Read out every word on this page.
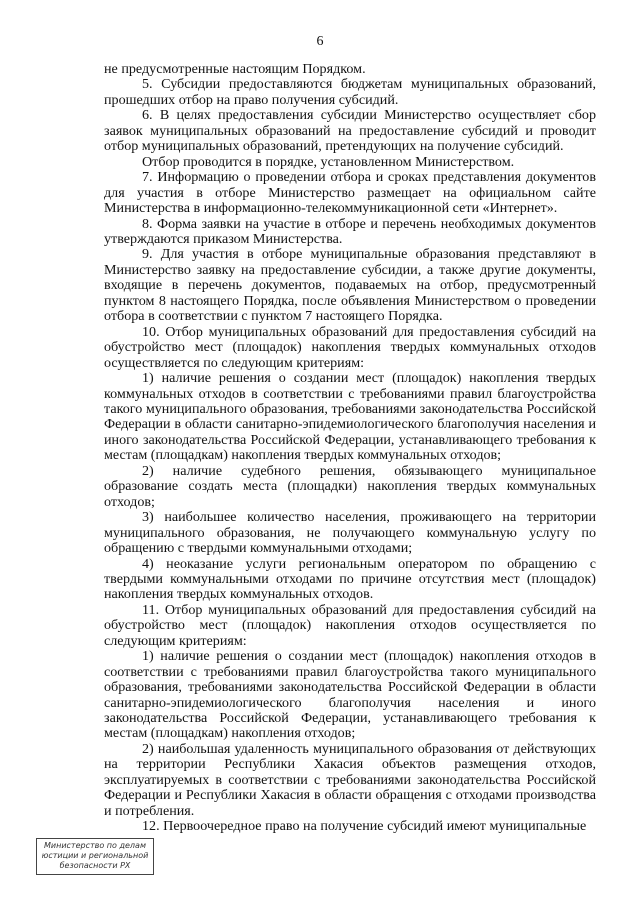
6

не предусмотренные настоящим Порядком.

5. Субсидии предоставляются бюджетам муниципальных образований, прошедших отбор на право получения субсидий.

6. В целях предоставления субсидии Министерство осуществляет сбор заявок муниципальных образований на предоставление субсидий и проводит отбор муниципальных образований, претендующих на получение субсидий.

Отбор проводится в порядке, установленном Министерством.

7. Информацию о проведении отбора и сроках представления документов для участия в отборе Министерство размещает на официальном сайте Министерства в информационно-телекоммуникационной сети «Интернет».

8. Форма заявки на участие в отборе и перечень необходимых документов утверждаются приказом Министерства.

9. Для участия в отборе муниципальные образования представляют в Министерство заявку на предоставление субсидии, а также другие документы, входящие в перечень документов, подаваемых на отбор, предусмотренный пунктом 8 настоящего Порядка, после объявления Министерством о проведении отбора в соответствии с пунктом 7 настоящего Порядка.

10. Отбор муниципальных образований для предоставления субсидий на обустройство мест (площадок) накопления твердых коммунальных отходов осуществляется по следующим критериям:

1) наличие решения о создании мест (площадок) накопления твердых коммунальных отходов в соответствии с требованиями правил благоустройства такого муниципального образования, требованиями законодательства Российской Федерации в области санитарно-эпидемиологического благополучия населения и иного законодательства Российской Федерации, устанавливающего требования к местам (площадкам) накопления твердых коммунальных отходов;

2) наличие судебного решения, обязывающего муниципальное образование создать места (площадки) накопления твердых коммунальных отходов;

3) наибольшее количество населения, проживающего на территории муниципального образования, не получающего коммунальную услугу по обращению с твердыми коммунальными отходами;

4) неоказание услуги региональным оператором по обращению с твердыми коммунальными отходами по причине отсутствия мест (площадок) накопления твердых коммунальных отходов.

11. Отбор муниципальных образований для предоставления субсидий на обустройство мест (площадок) накопления отходов осуществляется по следующим критериям:

1) наличие решения о создании мест (площадок) накопления отходов в соответствии с требованиями правил благоустройства такого муниципального образования, требованиями законодательства Российской Федерации в области санитарно-эпидемиологического благополучия населения и иного законодательства Российской Федерации, устанавливающего требования к местам (площадкам) накопления отходов;

2) наибольшая удаленность муниципального образования от действующих на территории Республики Хакасия объектов размещения отходов, эксплуатируемых в соответствии с требованиями законодательства Российской Федерации и Республики Хакасия в области обращения с отходами производства и потребления.

12. Первоочередное право на получение субсидий имеют муниципальные

Министерство по делам
юстиции и региональной
безопасности РХ
